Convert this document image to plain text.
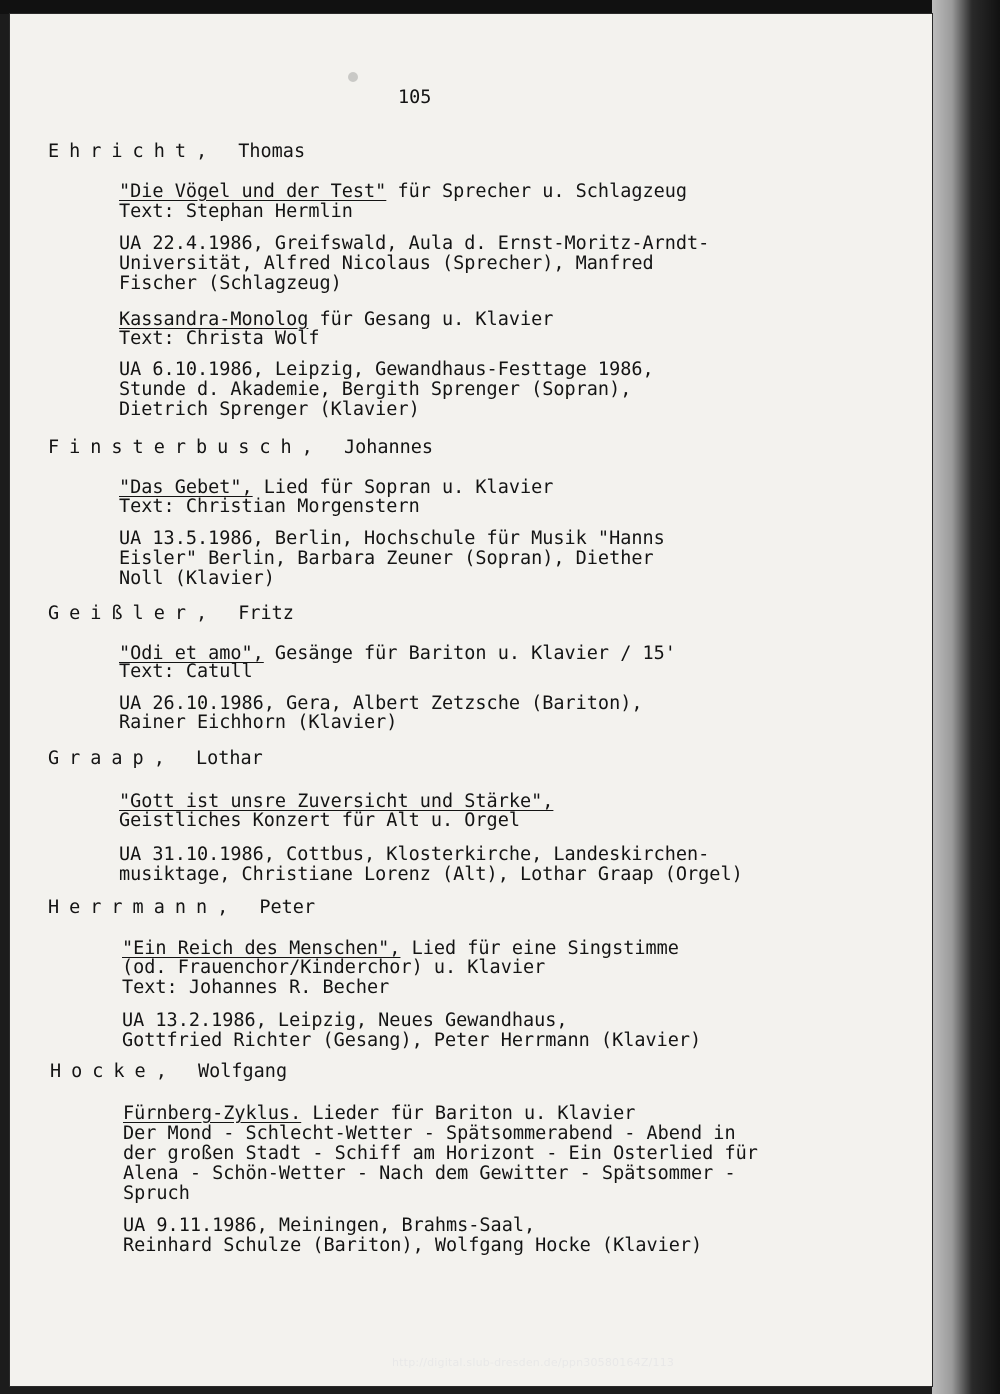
105
Ehricht, Thomas
"Die Vögel und der Test" für Sprecher u. Schlagzeug
Text: Stephan Hermlin
UA 22.4.1986, Greifswald, Aula d. Ernst-Moritz-Arndt-
Universität, Alfred Nicolaus (Sprecher), Manfred
Fischer (Schlagzeug)
Kassandra-Monolog für Gesang u. Klavier
Text: Christa Wolf
UA 6.10.1986, Leipzig, Gewandhaus-Festtage 1986,
Stunde d. Akademie, Bergith Sprenger (Sopran),
Dietrich Sprenger (Klavier)
Finsterbusch, Johannes
"Das Gebet", Lied für Sopran u. Klavier
Text: Christian Morgenstern
UA 13.5.1986, Berlin, Hochschule für Musik "Hanns
Eisler" Berlin, Barbara Zeuner (Sopran), Diether
Noll (Klavier)
Geißler, Fritz
"Odi et amo", Gesänge für Bariton u. Klavier / 15'
Text: Catull
UA 26.10.1986, Gera, Albert Zetzsche (Bariton),
Rainer Eichhorn (Klavier)
Graap, Lothar
"Gott ist unsre Zuversicht und Stärke",
Geistliches Konzert für Alt u. Orgel
UA 31.10.1986, Cottbus, Klosterkirche, Landeskirchen-
musiktage, Christiane Lorenz (Alt), Lothar Graap (Orgel)
Herrmann, Peter
"Ein Reich des Menschen", Lied für eine Singstimme
(od. Frauenchor/Kinderchor) u. Klavier
Text: Johannes R. Becher
UA 13.2.1986, Leipzig, Neues Gewandhaus,
Gottfried Richter (Gesang), Peter Herrmann (Klavier)
Hocke, Wolfgang
Fürnberg-Zyklus. Lieder für Bariton u. Klavier
Der Mond - Schlecht-Wetter - Spätsommerabend - Abend in
der großen Stadt - Schiff am Horizont - Ein Osterlied für
Alena - Schön-Wetter - Nach dem Gewitter - Spätsommer -
Spruch
UA 9.11.1986, Meiningen, Brahms-Saal,
Reinhard Schulze (Bariton), Wolfgang Hocke (Klavier)
http://digital.slub-dresden.de/ppn30580164Z/113
